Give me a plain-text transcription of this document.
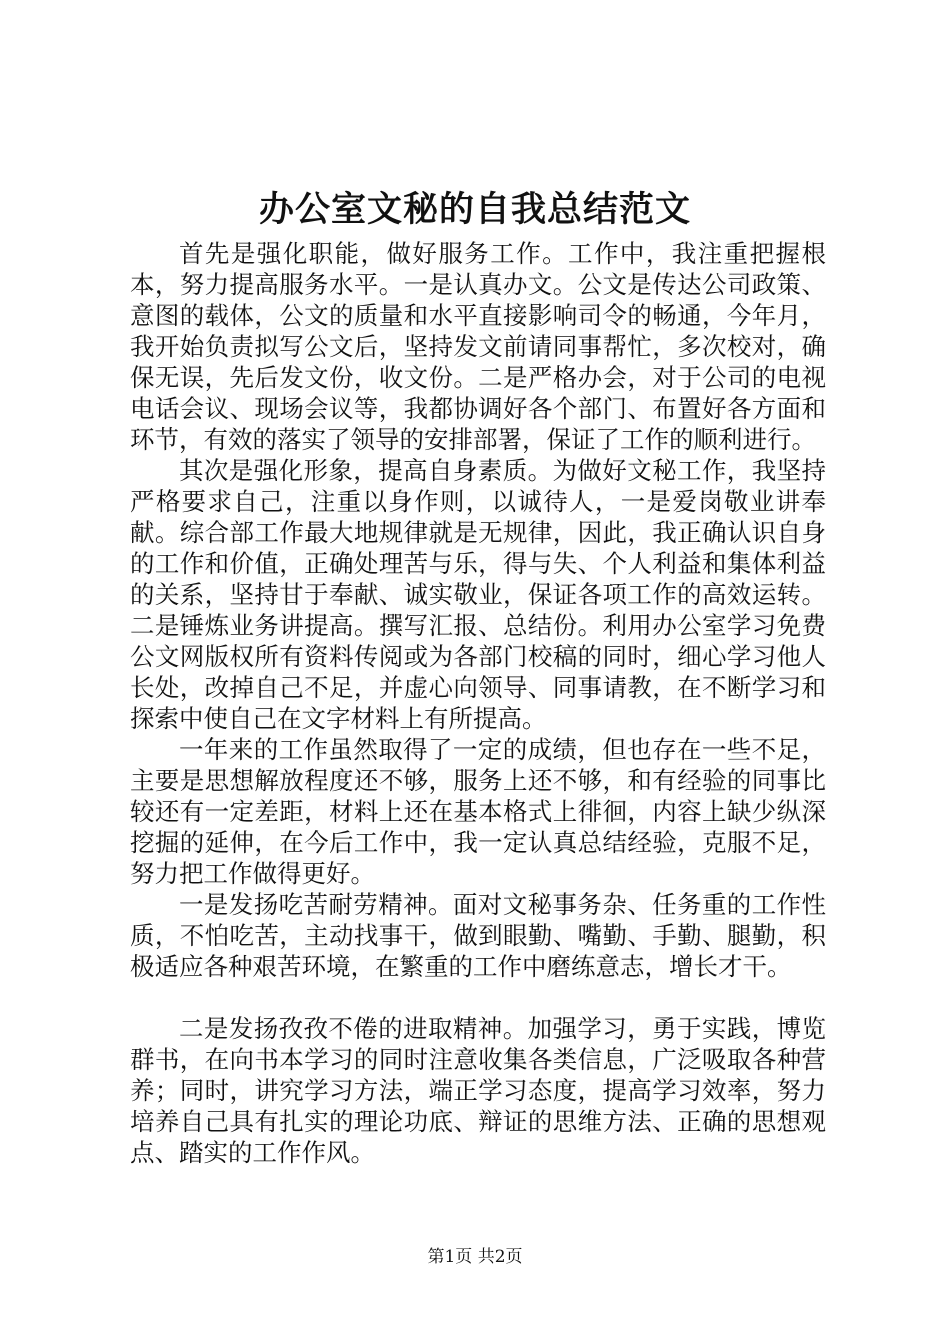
办公室文秘的自我总结范文

首先是强化职能，做好服务工作。工作中，我注重把握根本，努力提高服务水平。一是认真办文。公文是传达公司政策、意图的载体，公文的质量和水平直接影响司令的畅通，今年月，我开始负责拟写公文后，坚持发文前请同事帮忙，多次校对，确保无误，先后发文份，收文份。二是严格办会，对于公司的电视电话会议、现场会议等，我都协调好各个部门、布置好各方面和环节，有效的落实了领导的安排部署，保证了工作的顺利进行。

其次是强化形象，提高自身素质。为做好文秘工作，我坚持严格要求自己，注重以身作则，以诚待人，一是爱岗敬业讲奉献。综合部工作最大地规律就是无规律，因此，我正确认识自身的工作和价值，正确处理苦与乐，得与失、个人利益和集体利益的关系，坚持甘于奉献、诚实敬业，保证各项工作的高效运转。二是锤炼业务讲提高。撰写汇报、总结份。利用办公室学习免费公文网版权所有资料传阅或为各部门校稿的同时，细心学习他人长处，改掉自己不足，并虚心向领导、同事请教，在不断学习和探索中使自己在文字材料上有所提高。

一年来的工作虽然取得了一定的成绩，但也存在一些不足，主要是思想解放程度还不够，服务上还不够，和有经验的同事比较还有一定差距，材料上还在基本格式上徘徊，内容上缺少纵深挖掘的延伸，在今后工作中，我一定认真总结经验，克服不足，努力把工作做得更好。

一是发扬吃苦耐劳精神。面对文秘事务杂、任务重的工作性质，不怕吃苦，主动找事干，做到眼勤、嘴勤、手勤、腿勤，积极适应各种艰苦环境，在繁重的工作中磨练意志，增长才干。

二是发扬孜孜不倦的进取精神。加强学习，勇于实践，博览群书，在向书本学习的同时注意收集各类信息，广泛吸取各种营养；同时，讲究学习方法，端正学习态度，提高学习效率，努力培养自己具有扎实的理论功底、辩证的思维方法、正确的思想观点、踏实的工作作风。

第1页 共2页
